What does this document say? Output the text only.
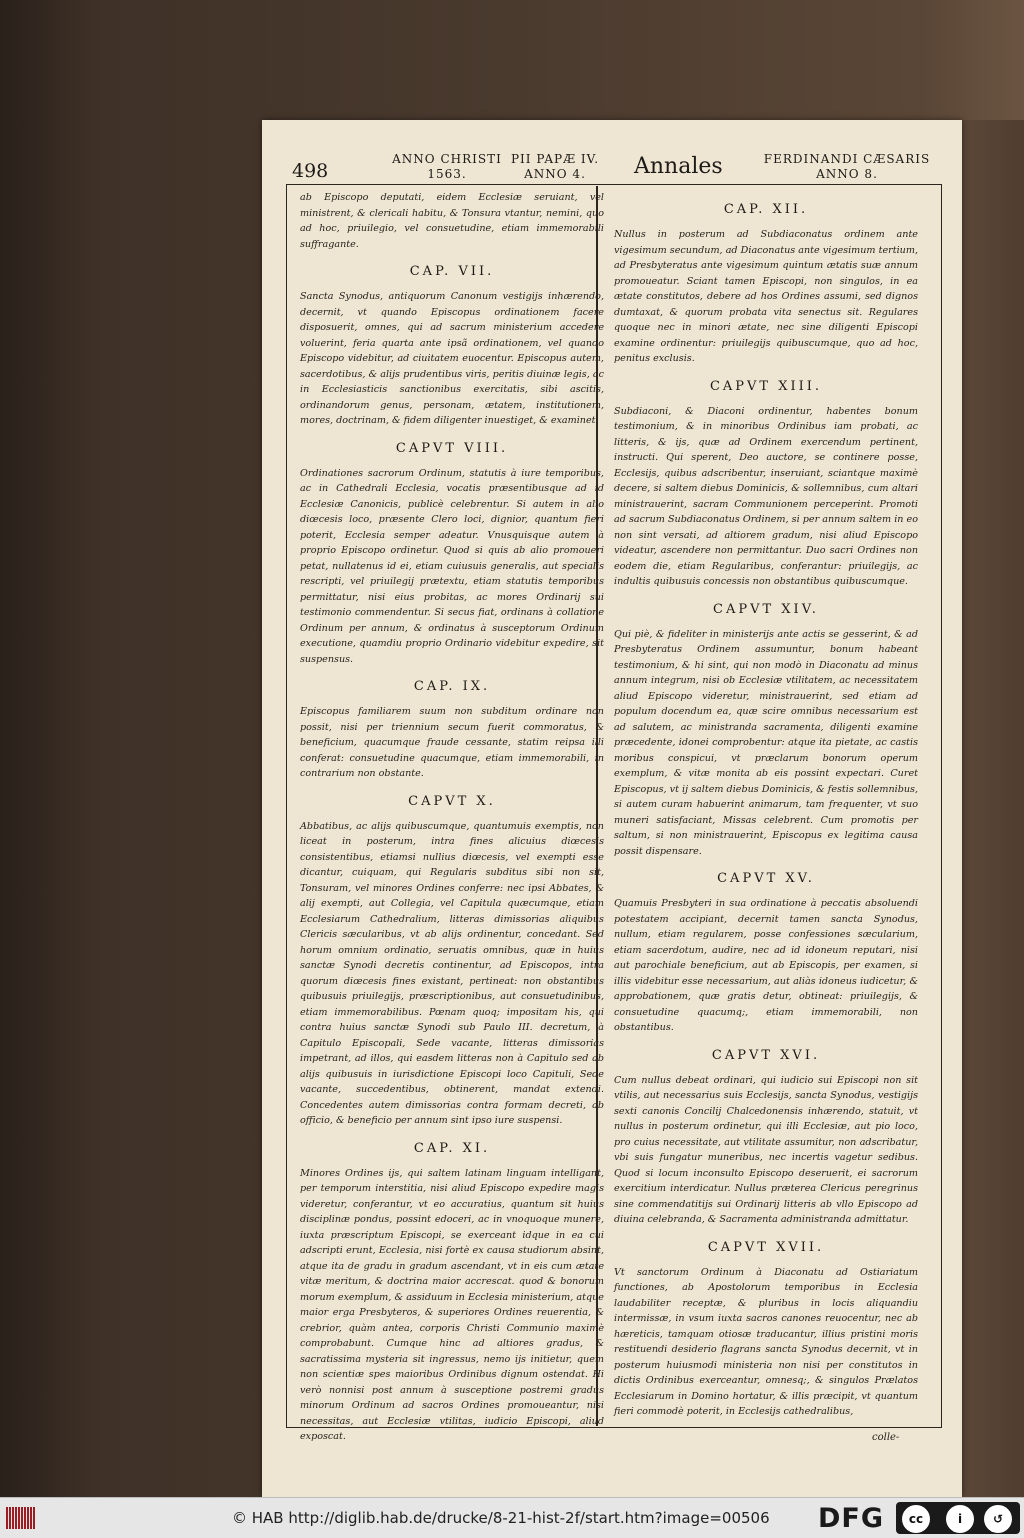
498
ANNO CHRISTI
1563.
PII PAPÆ IV.
ANNO 4.	Annales	FERDINANDI CÆSARIS
ANNO 8.

ab Episcopo deputati, eidem Ecclesiæ seruiant, vel ministrent, & clericali habitu, & Tonsura vtantur, nemini, quo ad hoc, priuilegio, vel consuetudine, etiam immemorabili suffragante.

CAP. VII.

Sancta Synodus, antiquorum Canonum vestigijs inhærendo, decernit, vt quando Episcopus ordinationem facere disposuerit, omnes, qui ad sacrum ministerium accedere voluerint, feria quarta ante ipsã ordinationem, vel quando Episcopo videbitur, ad ciuitatem euocentur. Episcopus autem, sacerdotibus, & alijs prudentibus viris, peritis diuinæ legis, ac in Ecclesiasticis sanctionibus exercitatis, sibi ascitis, ordinandorum genus, personam, ætatem, institutionem, mores, doctrinam, & fidem diligenter inuestiget, & examinet.

CAPVT VIII.

Ordinationes sacrorum Ordinum, statutis à iure temporibus, ac in Cathedrali Ecclesia, vocatis præsentibusque ad id Ecclesiæ Canonicis, publicè celebrentur. Si autem in alio diœcesis loco, præsente Clero loci, dignior, quantum fieri poterit, Ecclesia semper adeatur. Vnusquisque autem à proprio Episcopo ordinetur. Quod si quis ab alio promoueri petat, nullatenus id ei, etiam cuiusuis generalis, aut specialis rescripti, vel priuilegij prætextu, etiam statutis temporibus permittatur, nisi eius probitas, ac mores Ordinarij sui testimonio commendentur. Si secus fiat, ordinans à collatione Ordinum per annum, & ordinatus à susceptorum Ordinum executione, quamdiu proprio Ordinario videbitur expedire, sit suspensus.

CAP. IX.

Episcopus familiarem suum non subditum ordinare non possit, nisi per triennium secum fuerit commoratus, & beneficium, quacumque fraude cessante, statim reipsa illi conferat: consuetudine quacumque, etiam immemorabili, in contrarium non obstante.

CAPVT X.

Abbatibus, ac alijs quibuscumque, quantumuis exemptis, non liceat in posterum, intra fines alicuius diœcesis consistentibus, etiamsi nullius diœcesis, vel exempti esse dicantur, cuiquam, qui Regularis subditus sibi non sit, Tonsuram, vel minores Ordines conferre: nec ipsi Abbates, & alij exempti, aut Collegia, vel Capitula quæcumque, etiam Ecclesiarum Cathedralium, litteras dimissorias aliquibus Clericis sæcularibus, vt ab alijs ordinentur, concedant. Sed horum omnium ordinatio, seruatis omnibus, quæ in huius sanctæ Synodi decretis continentur, ad Episcopos, intra quorum diœcesis fines existant, pertineat: non obstantibus quibusuis priuilegijs, præscriptionibus, aut consuetudinibus, etiam immemorabilibus. Pœnam quoq; impositam his, qui contra huius sanctæ Synodi sub Paulo III. decretum, à Capitulo Episcopali, Sede vacante, litteras dimissorias impetrant, ad illos, qui easdem litteras non à Capitulo sed ab alijs quibusuis in iurisdictione Episcopi loco Capituli, Sede vacante, succedentibus, obtinerent, mandat extendi. Concedentes autem dimissorias contra formam decreti, ab officio, & beneficio per annum sint ipso iure suspensi.

CAP. XI.

Minores Ordines ijs, qui saltem latinam linguam intelligant, per temporum interstitia, nisi aliud Episcopo expedire magis videretur, conferantur, vt eo accuratius, quantum sit huius disciplinæ pondus, possint edoceri, ac in vnoquoque munere, iuxta præscriptum Episcopi, se exerceant idque in ea cui adscripti erunt, Ecclesia, nisi fortè ex causa studiorum absint, atque ita de gradu in gradum ascendant, vt in eis cum ætate vitæ meritum, & doctrina maior accrescat. quod & bonorum morum exemplum, & assiduum in Ecclesia ministerium, atque maior erga Presbyteros, & superiores Ordines reuerentia, & crebrior, quàm antea, corporis Christi Communio maximè comprobabunt. Cumque hinc ad altiores gradus, & sacratissima mysteria sit ingressus, nemo ijs initietur, quem non scientiæ spes maioribus Ordinibus dignum ostendat. Hi verò nonnisi post annum à susceptione postremi gradus minorum Ordinum ad sacros Ordines promoueantur, nisi necessitas, aut Ecclesiæ vtilitas, iudicio Episcopi, aliud exposcat.

CAP. XII.

Nullus in posterum ad Subdiaconatus ordinem ante vigesimum secundum, ad Diaconatus ante vigesimum tertium, ad Presbyteratus ante vigesimum quintum ætatis suæ annum promoueatur. Sciant tamen Episcopi, non singulos, in ea ætate constitutos, debere ad hos Ordines assumi, sed dignos dumtaxat, & quorum probata vita senectus sit. Regulares quoque nec in minori ætate, nec sine diligenti Episcopi examine ordinentur: priuilegijs quibuscumque, quo ad hoc, penitus exclusis.

CAPVT XIII.

Subdiaconi, & Diaconi ordinentur, habentes bonum testimonium, & in minoribus Ordinibus iam probati, ac litteris, & ijs, quæ ad Ordinem exercendum pertinent, instructi. Qui sperent, Deo auctore, se continere posse, Ecclesijs, quibus adscribentur, inseruiant, sciantque maximè decere, si saltem diebus Dominicis, & sollemnibus, cum altari ministrauerint, sacram Communionem perceperint. Promoti ad sacrum Subdiaconatus Ordinem, si per annum saltem in eo non sint versati, ad altiorem gradum, nisi aliud Episcopo videatur, ascendere non permittantur. Duo sacri Ordines non eodem die, etiam Regularibus, conferantur: priuilegijs, ac indultis quibusuis concessis non obstantibus quibuscumque.

CAPVT XIV.

Qui piè, & fideliter in ministerijs ante actis se gesserint, & ad Presbyteratus Ordinem assumuntur, bonum habeant testimonium, & hi sint, qui non modò in Diaconatu ad minus annum integrum, nisi ob Ecclesiæ vtilitatem, ac necessitatem aliud Episcopo videretur, ministrauerint, sed etiam ad populum docendum ea, quæ scire omnibus necessarium est ad salutem, ac ministranda sacramenta, diligenti examine præcedente, idonei comprobentur: atque ita pietate, ac castis moribus conspicui, vt præclarum bonorum operum exemplum, & vitæ monita ab eis possint expectari. Curet Episcopus, vt ij saltem diebus Dominicis, & festis sollemnibus, si autem curam habuerint animarum, tam frequenter, vt suo muneri satisfaciant, Missas celebrent. Cum promotis per saltum, si non ministrauerint, Episcopus ex legitima causa possit dispensare.

CAPVT XV.

Quamuis Presbyteri in sua ordinatione à peccatis absoluendi potestatem accipiant, decernit tamen sancta Synodus, nullum, etiam regularem, posse confessiones sæcularium, etiam sacerdotum, audire, nec ad id idoneum reputari, nisi aut parochiale beneficium, aut ab Episcopis, per examen, si illis videbitur esse necessarium, aut aliàs idoneus iudicetur, & approbationem, quæ gratis detur, obtineat: priuilegijs, & consuetudine quacumq;, etiam immemorabili, non obstantibus.

CAPVT XVI.

Cum nullus debeat ordinari, qui iudicio sui Episcopi non sit vtilis, aut necessarius suis Ecclesijs, sancta Synodus, vestigijs sexti canonis Concilij Chalcedonensis inhærendo, statuit, vt nullus in posterum ordinetur, qui illi Ecclesiæ, aut pio loco, pro cuius necessitate, aut vtilitate assumitur, non adscribatur, vbi suis fungatur muneribus, nec incertis vagetur sedibus. Quod si locum inconsulto Episcopo deseruerit, ei sacrorum exercitium interdicatur. Nullus præterea Clericus peregrinus sine commendatitijs sui Ordinarij litteris ab vllo Episcopo ad diuina celebranda, & Sacramenta administranda admittatur.

CAPVT XVII.

Vt sanctorum Ordinum à Diaconatu ad Ostiariatum functiones, ab Apostolorum temporibus in Ecclesia laudabiliter receptæ, & pluribus in locis aliquandiu intermissæ, in vsum iuxta sacros canones reuocentur, nec ab hæreticis, tamquam otiosæ traducantur, illius pristini moris restituendi desiderio flagrans sancta Synodus decernit, vt in posterum huiusmodi ministeria non nisi per constitutos in dictis Ordinibus exerceantur, omnesq;, & singulos Prælatos Ecclesiarum in Domino hortatur, & illis præcipit, vt quantum fieri commodè poterit, in Ecclesijs cathedralibus,

colle-
© HAB http://diglib.hab.de/drucke/8-21-hist-2f/start.htm?image=00506 DFG	cc	i	↺
BY	SA
